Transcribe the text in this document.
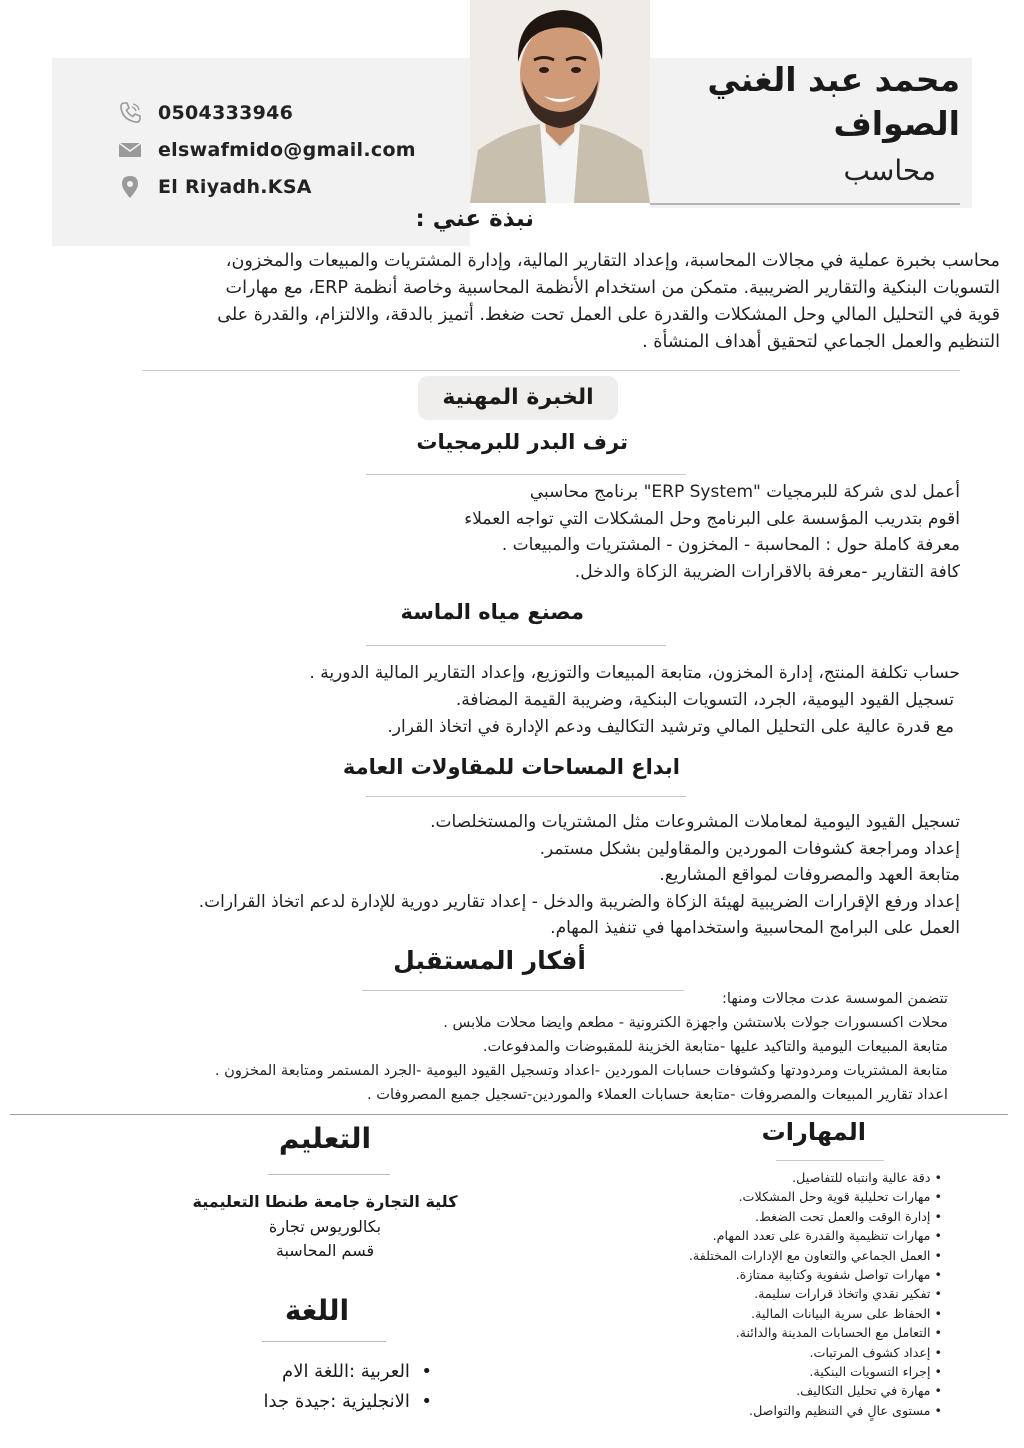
محمد عبد الغني
الصواف
محاسب
0504333946
elswafmido@gmail.com
El Riyadh.KSA
نبذة عني :
محاسب بخبرة عملية في مجالات المحاسبة، وإعداد التقارير المالية، وإدارة المشتريات والمبيعات والمخزون،
التسويات البنكية والتقارير الضريبية. متمكن من استخدام الأنظمة المحاسبية وخاصة أنظمة ERP، مع مهارات
قوية في التحليل المالي وحل المشكلات والقدرة على العمل تحت ضغط. أتميز بالدقة، والالتزام، والقدرة على
التنظيم والعمل الجماعي لتحقيق أهداف المنشأة .
الخبرة المهنية
ترف البدر للبرمجيات
أعمل لدى شركة للبرمجيات "ERP System" برنامج محاسبي
اقوم بتدريب المؤسسة على البرنامج وحل المشكلات التي تواجه العملاء
معرفة كاملة حول : المحاسبة - المخزون - المشتريات والمبيعات .
كافة التقارير -معرفة بالاقرارات الضريبة الزكاة والدخل.
مصنع مياه الماسة
حساب تكلفة المنتج، إدارة المخزون، متابعة المبيعات والتوزيع، وإعداد التقارير المالية الدورية .
تسجيل القيود اليومية، الجرد، التسويات البنكية، وضريبة القيمة المضافة.
مع قدرة عالية على التحليل المالي وترشيد التكاليف ودعم الإدارة في اتخاذ القرار.
ابداع المساحات للمقاولات العامة
تسجيل القيود اليومية لمعاملات المشروعات مثل المشتريات والمستخلصات.
إعداد ومراجعة كشوفات الموردين والمقاولين بشكل مستمر.
متابعة العهد والمصروفات لمواقع المشاريع.
إعداد ورفع الإقرارات الضريبية لهيئة الزكاة والضريبة والدخل - إعداد تقارير دورية للإدارة لدعم اتخاذ القرارات.
العمل على البرامج المحاسبية واستخدامها في تنفيذ المهام.
أفكار المستقبل
تتضمن الموسسة عدت مجالات ومنها:
محلات اكسسورات جولات بلاستشن واجهزة الكترونية - مطعم وايضا محلات ملابس .
متابعة المبيعات اليومية والتاكيد عليها -متابعة الخزينة للمقبوضات والمدفوعات.
متابعة المشتريات ومردودتها وكشوفات حسابات الموردين -اعداد وتسجيل القيود اليومية -الجرد المستمر ومتابعة المخزون .
اعداد تقارير المبيعات والمصروفات -متابعة حسابات العملاء والموردين-تسجيل جميع المصروفات .
المهارات
• دقة عالية وانتباه للتفاصيل.
• مهارات تحليلية قوية وحل المشكلات.
• إدارة الوقت والعمل تحت الضغط.
• مهارات تنظيمية والقدرة على تعدد المهام.
• العمل الجماعي والتعاون مع الإدارات المختلفة.
• مهارات تواصل شفوية وكتابية ممتازة.
• تفكير نقدي واتخاذ قرارات سليمة.
• الحفاظ على سرية البيانات المالية.
• التعامل مع الحسابات المدينة والدائنة.
• إعداد كشوف المرتبات.
• إجراء التسويات البنكية.
• مهارة في تحليل التكاليف.
• مستوى عالٍ في التنظيم والتواصل.
التعليم
كلية التجارة جامعة طنطا التعليمية
بكالوريوس تجارة
قسم المحاسبة
اللغة
•  العربية :اللغة الام
•  الانجليزية :جيدة جدا
